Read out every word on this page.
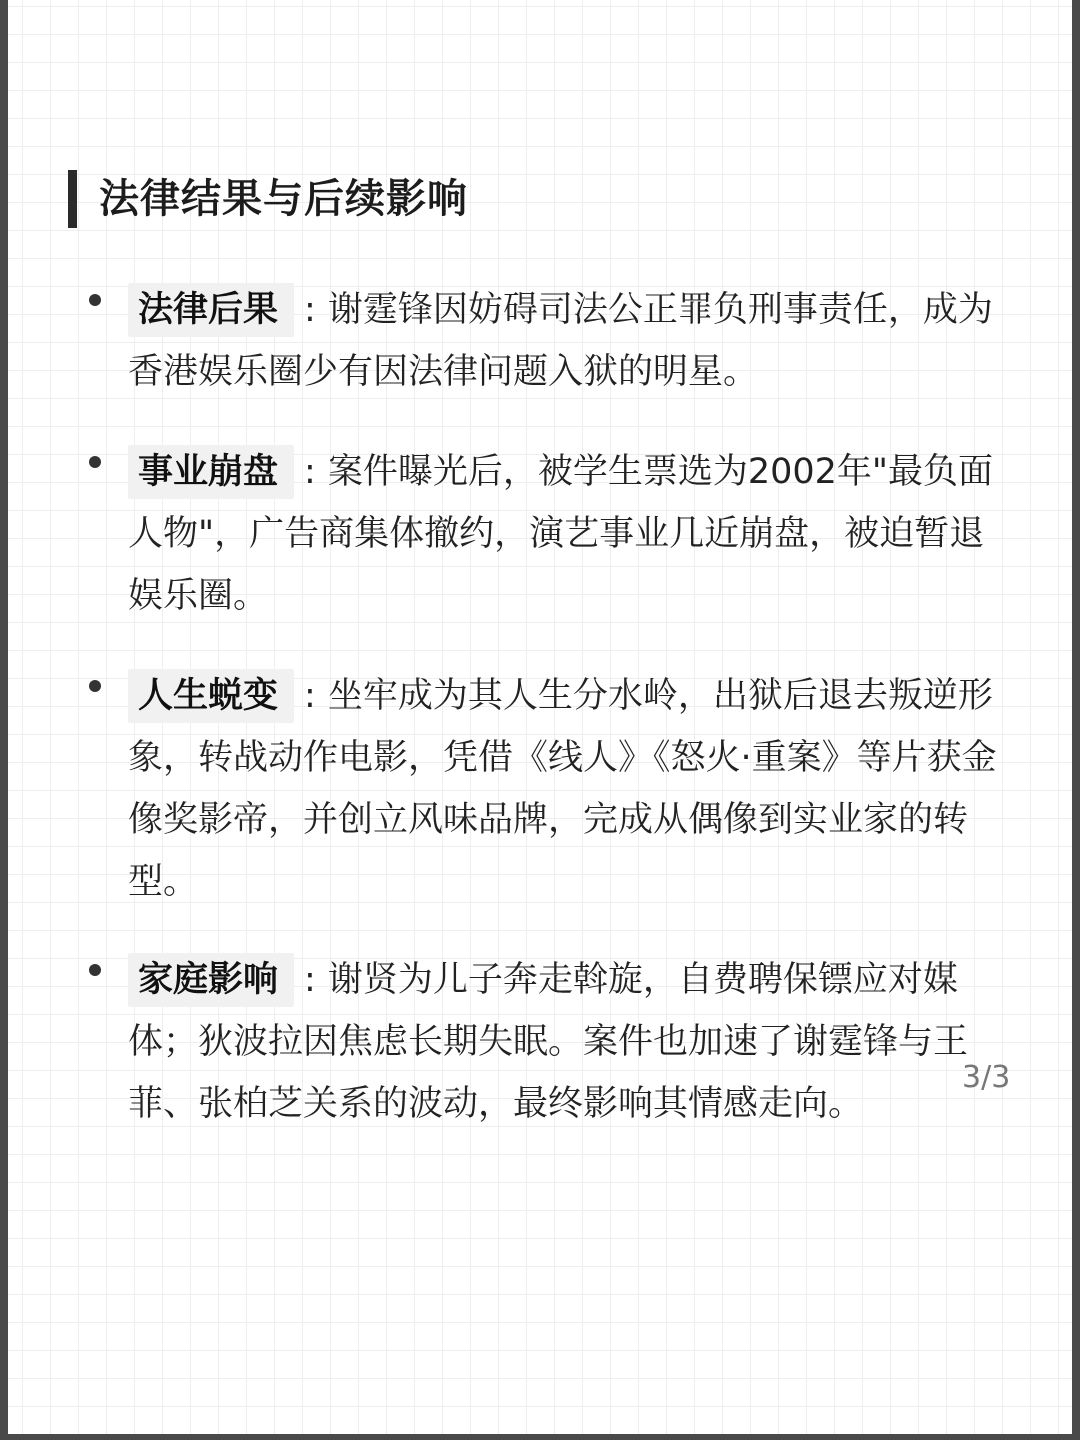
法律结果与后续影响
法律后果 : 谢霆锋因妨碍司法公正罪负刑事责任，成为香港娱乐圈少有因法律问题入狱的明星。
事业崩盘 : 案件曝光后，被学生票选为2002年"最负面人物"，广告商集体撤约，演艺事业几近崩盘，被迫暂退娱乐圈。
人生蜕变 : 坐牢成为其人生分水岭，出狱后退去叛逆形象，转战动作电影，凭借《线人》《怒火·重案》等片获金像奖影帝，并创立风味品牌，完成从偶像到实业家的转型。
家庭影响 : 谢贤为儿子奔走斡旋，自费聘保镖应对媒体；狄波拉因焦虑长期失眠。案件也加速了谢霆锋与王菲、张柏芝关系的波动，最终影响其情感走向。
3/3
